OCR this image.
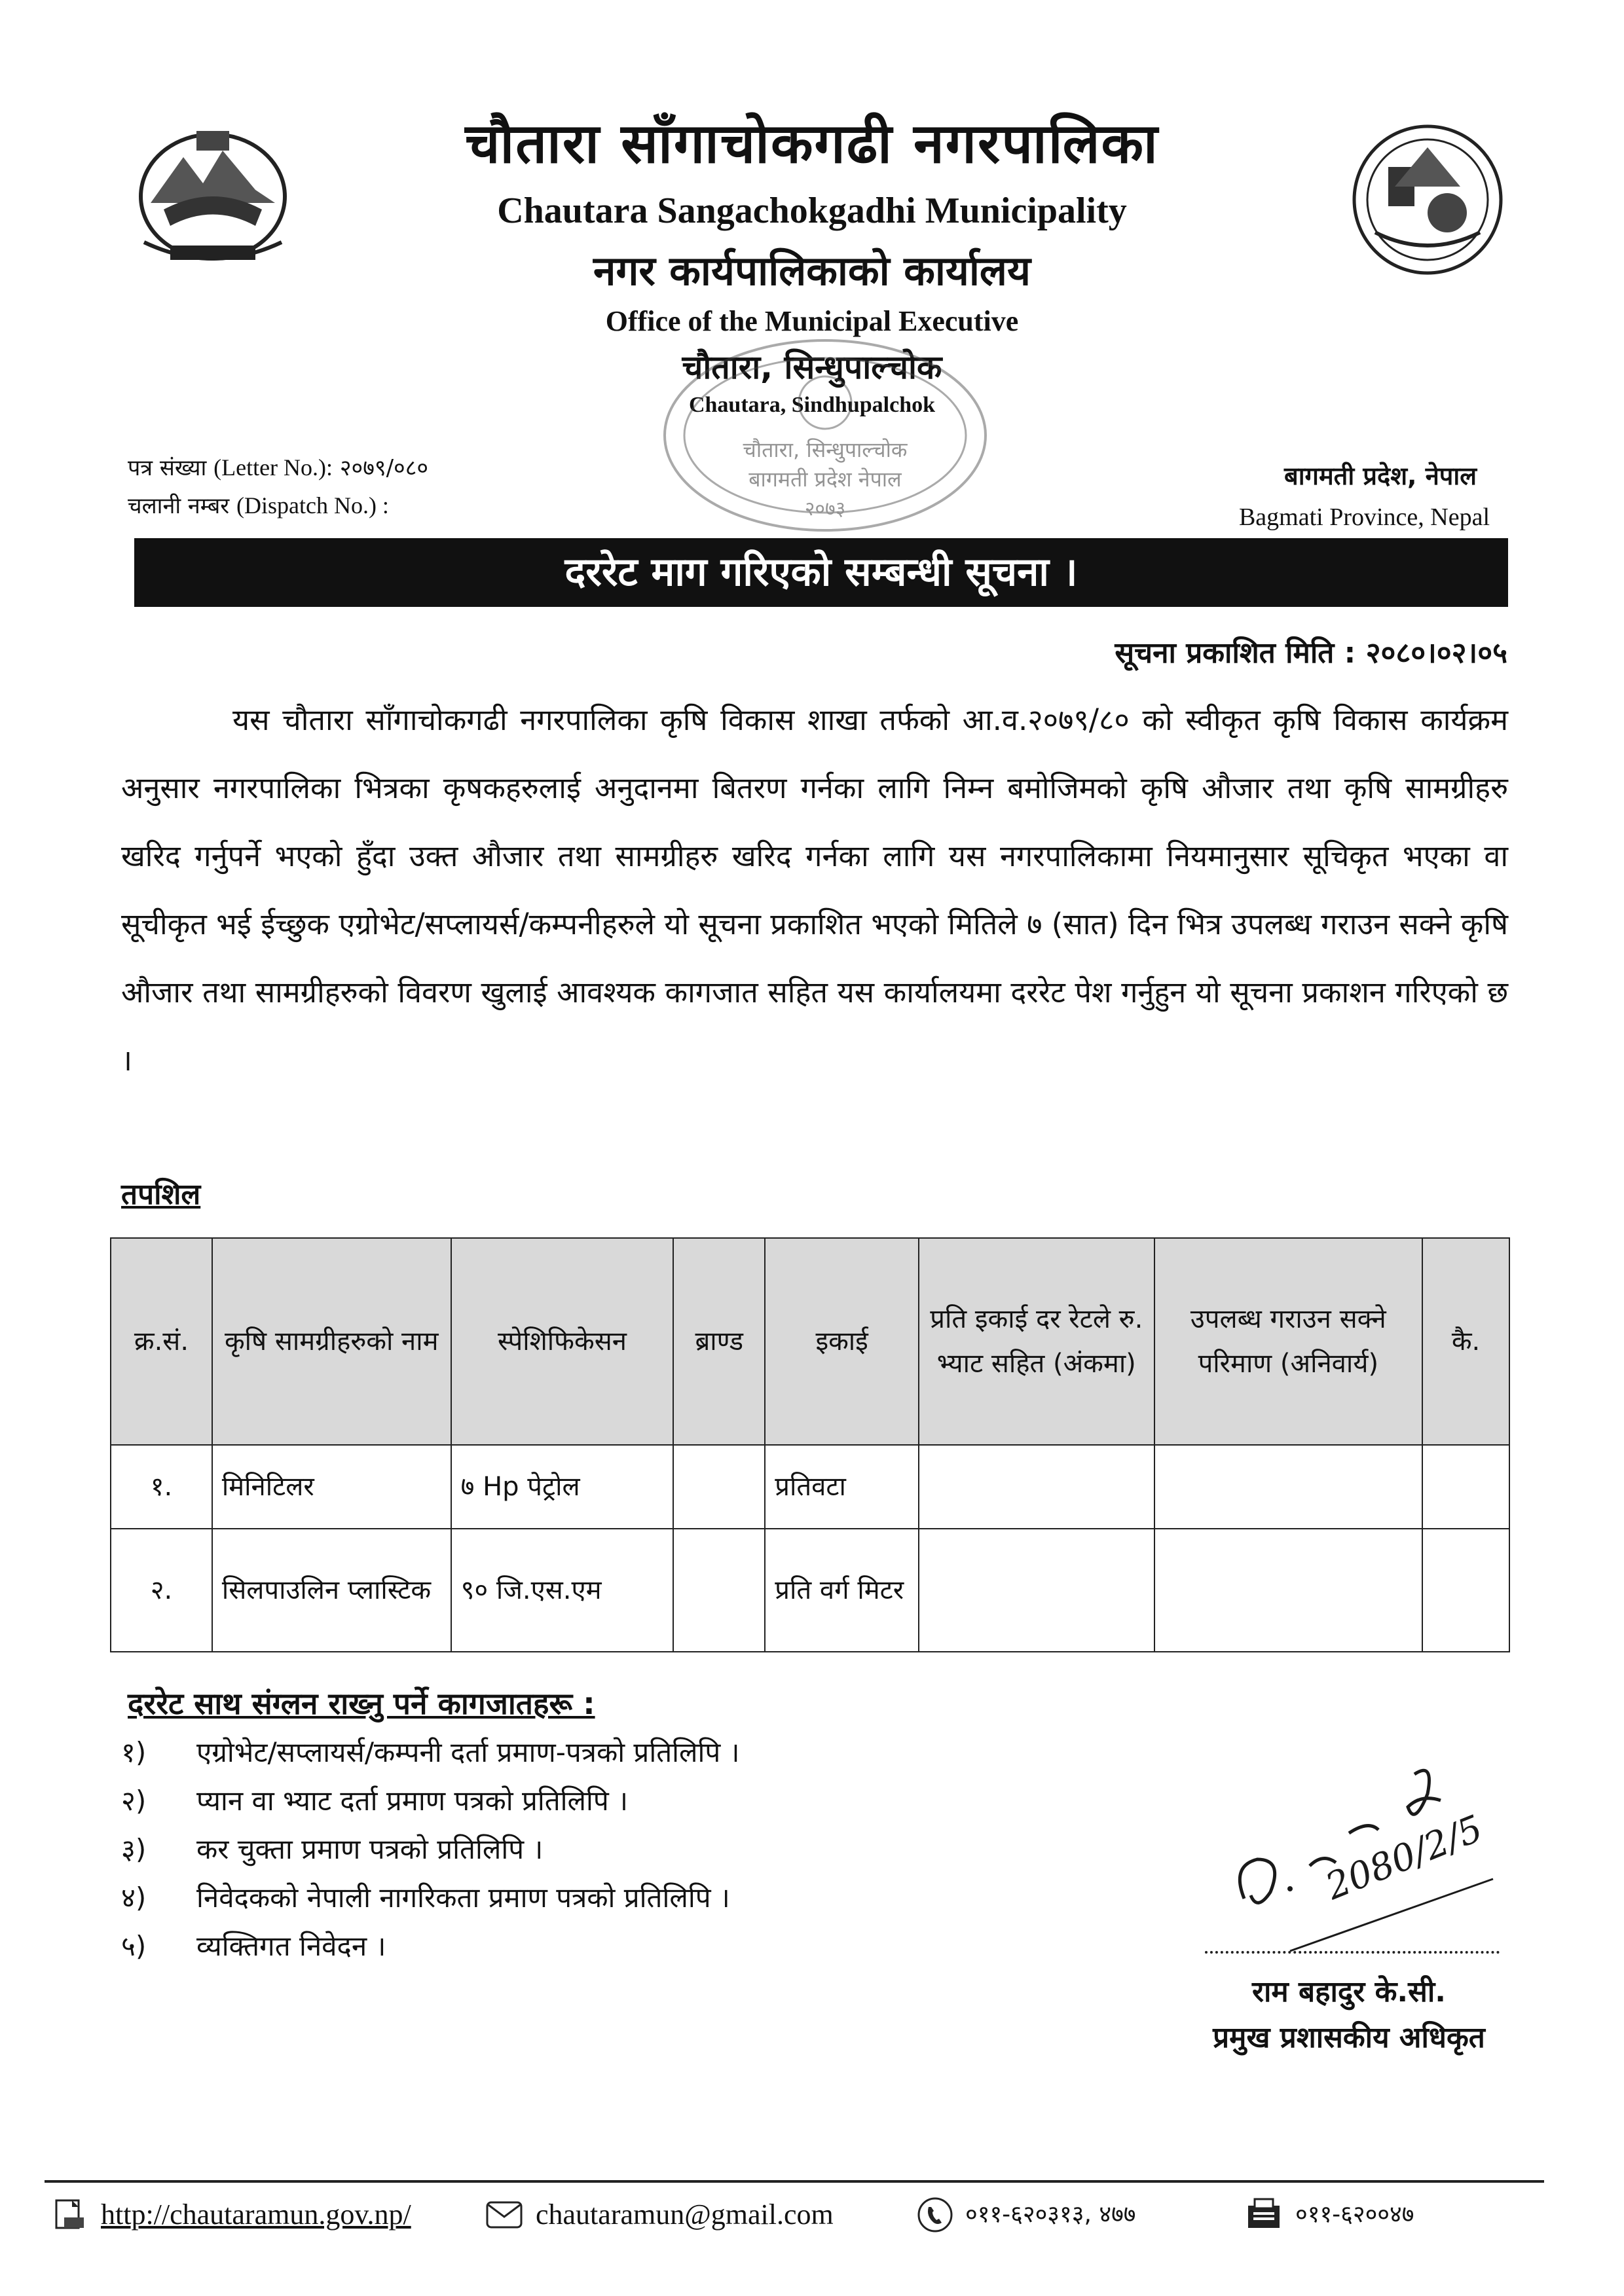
चौतारा साँगाचोकगढी नगरपालिका
Chautara Sangachokgadhi Municipality
नगर कार्यपालिकाको कार्यालय
Office of the Municipal Executive
चौतारा, सिन्धुपाल्चोक
Chautara, Sindhupalchok
चौतारा, सिन्धुपाल्चोक
बागमती प्रदेश नेपाल
२०७३
पत्र संख्या (Letter No.): २०७९/०८०
चलानी नम्बर (Dispatch No.) :
बागमती प्रदेश, नेपाल
Bagmati Province, Nepal
दररेट माग गरिएको सम्बन्धी सूचना ।
सूचना प्रकाशित मिति : २०८०।०२।०५

यस चौतारा साँगाचोकगढी नगरपालिका कृषि विकास शाखा तर्फको आ.व.२०७९/८० को स्वीकृत कृषि विकास कार्यक्रम अनुसार नगरपालिका भित्रका कृषकहरुलाई अनुदानमा बितरण गर्नका लागि निम्न बमोजिमको कृषि औजार तथा कृषि सामग्रीहरु खरिद गर्नुपर्ने भएको हुँदा उक्त औजार तथा सामग्रीहरु खरिद गर्नका लागि यस नगरपालिकामा नियमानुसार सूचिकृत भएका वा सूचीकृत भई ईच्छुक एग्रोभेट/सप्लायर्स/कम्पनीहरुले यो सूचना प्रकाशित भएको मितिले ७ (सात) दिन भित्र उपलब्ध गराउन सक्ने कृषि औजार तथा सामग्रीहरुको विवरण खुलाई आवश्यक कागजात सहित यस कार्यालयमा दररेट पेश गर्नुहुन यो सूचना प्रकाशन गरिएको छ ।

तपशिल
क्र.सं.	कृषि सामग्रीहरुको नाम	स्पेशिफिकेसन	ब्राण्ड	इकाई	प्रति इकाई दर रेटले रु. भ्याट सहित (अंकमा)	उपलब्ध गराउन सक्ने परिमाण (अनिवार्य)	कै.
१.	मिनिटिलर	७ Hp पेट्रोल		प्रतिवटा			
२.	सिलपाउलिन प्लास्टिक	९० जि.एस.एम		प्रति वर्ग मिटर			
दररेट साथ संग्लन राख्नु पर्ने कागजातहरू :
१) एग्रोभेट/सप्लायर्स/कम्पनी दर्ता प्रमाण-पत्रको प्रतिलिपि ।
२) प्यान वा भ्याट दर्ता प्रमाण पत्रको प्रतिलिपि ।
३) कर चुक्ता प्रमाण पत्रको प्रतिलिपि ।
४) निवेदकको नेपाली नागरिकता प्रमाण पत्रको प्रतिलिपि ।
५) व्यक्तिगत निवेदन ।
2080/2/5
राम बहादुर के.सी.
प्रमुख प्रशासकीय अधिकृत
http://chautaramun.gov.np/	chautaramun@gmail.com	०११-६२०३१३, ४७७	०११-६२००४७
